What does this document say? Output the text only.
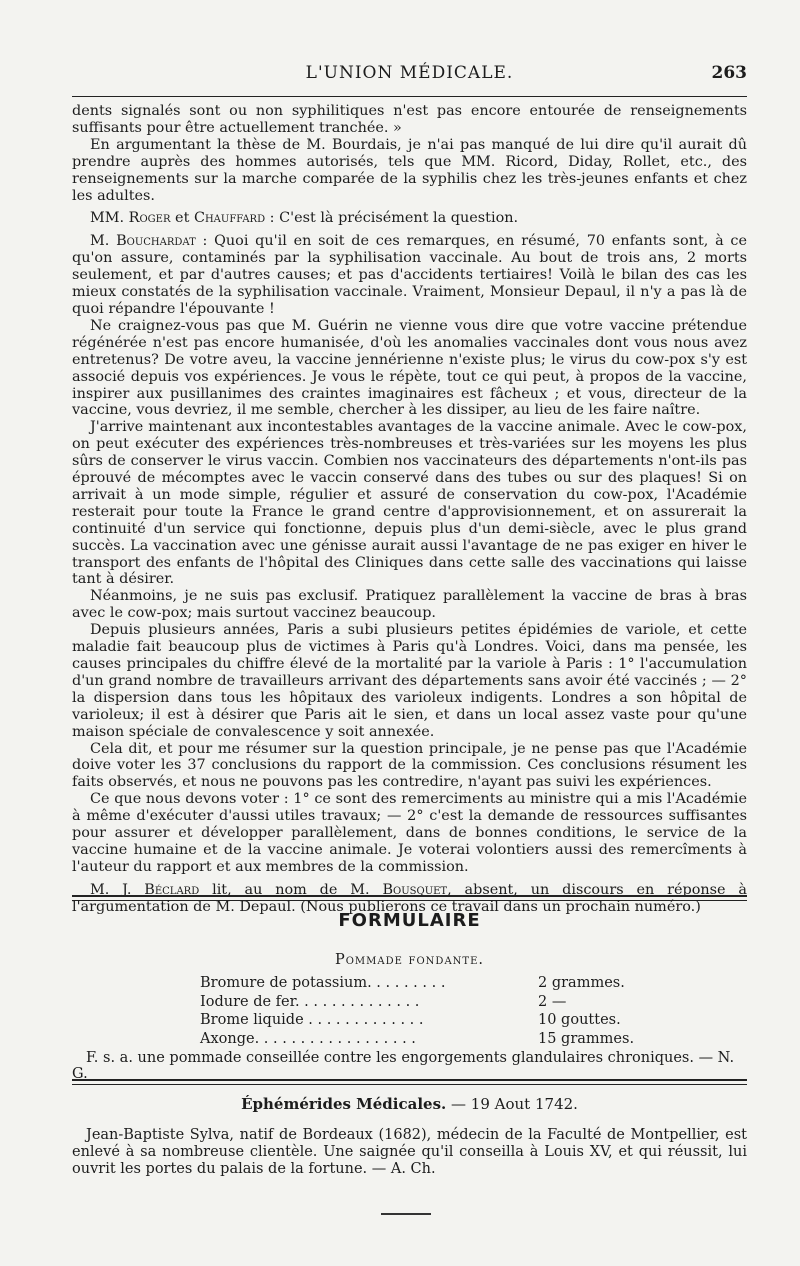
L'UNION MÉDICALE.	263

dents signalés sont ou non syphilitiques n'est pas encore entourée de renseignements suffisants pour être actuellement tranchée. »

En argumentant la thèse de M. Bourdais, je n'ai pas manqué de lui dire qu'il aurait dû prendre auprès des hommes autorisés, tels que MM. Ricord, Diday, Rollet, etc., des renseignements sur la marche comparée de la syphilis chez les très-jeunes enfants et chez les adultes.

MM. Roger et Chauffard : C'est là précisément la question.

M. Bouchardat : Quoi qu'il en soit de ces remarques, en résumé, 70 enfants sont, à ce qu'on assure, contaminés par la syphilisation vaccinale. Au bout de trois ans, 2 morts seulement, et par d'autres causes; et pas d'accidents tertiaires! Voilà le bilan des cas les mieux constatés de la syphilisation vaccinale. Vraiment, Monsieur Depaul, il n'y a pas là de quoi répandre l'épouvante !

Ne craignez-vous pas que M. Guérin ne vienne vous dire que votre vaccine prétendue régénérée n'est pas encore humanisée, d'où les anomalies vaccinales dont vous nous avez entretenus? De votre aveu, la vaccine jennérienne n'existe plus; le virus du cow-pox s'y est associé depuis vos expériences. Je vous le répète, tout ce qui peut, à propos de la vaccine, inspirer aux pusillanimes des craintes imaginaires est fâcheux ; et vous, directeur de la vaccine, vous devriez, il me semble, chercher à les dissiper, au lieu de les faire naître.

J'arrive maintenant aux incontestables avantages de la vaccine animale. Avec le cow-pox, on peut exécuter des expériences très-nombreuses et très-variées sur les moyens les plus sûrs de conserver le virus vaccin. Combien nos vaccinateurs des départements n'ont-ils pas éprouvé de mécomptes avec le vaccin conservé dans des tubes ou sur des plaques! Si on arrivait à un mode simple, régulier et assuré de conservation du cow-pox, l'Académie resterait pour toute la France le grand centre d'approvisionnement, et on assurerait la continuité d'un service qui fonctionne, depuis plus d'un demi-siècle, avec le plus grand succès. La vaccination avec une génisse aurait aussi l'avantage de ne pas exiger en hiver le transport des enfants de l'hôpital des Cliniques dans cette salle des vaccinations qui laisse tant à désirer.

Néanmoins, je ne suis pas exclusif. Pratiquez parallèlement la vaccine de bras à bras avec le cow-pox; mais surtout vaccinez beaucoup.

Depuis plusieurs années, Paris a subi plusieurs petites épidémies de variole, et cette maladie fait beaucoup plus de victimes à Paris qu'à Londres. Voici, dans ma pensée, les causes principales du chiffre élevé de la mortalité par la variole à Paris : 1° l'accumulation d'un grand nombre de travailleurs arrivant des départements sans avoir été vaccinés ; — 2° la dispersion dans tous les hôpitaux des varioleux indigents. Londres a son hôpital de varioleux; il est à désirer que Paris ait le sien, et dans un local assez vaste pour qu'une maison spéciale de convalescence y soit annexée.

Cela dit, et pour me résumer sur la question principale, je ne pense pas que l'Académie doive voter les 37 conclusions du rapport de la commission. Ces conclusions résument les faits observés, et nous ne pouvons pas les contredire, n'ayant pas suivi les expériences.

Ce que nous devons voter : 1° ce sont des remerciments au ministre qui a mis l'Académie à même d'exécuter d'aussi utiles travaux; — 2° c'est la demande de ressources suffisantes pour assurer et développer parallèlement, dans de bonnes conditions, le service de la vaccine humaine et de la vaccine animale. Je voterai volontiers aussi des remercîments à l'auteur du rapport et aux membres de la commission.

M. J. Béclard lit, au nom de M. Bousquet, absent, un discours en réponse à l'argumentation de M. Depaul. (Nous publierons ce travail dans un prochain numéro.)

FORMULAIRE
Pommade fondante.
Bromure de potassium. . . . . . . . .	2 grammes.
Iodure de fer. . . . . . . . . . . . . .	2 —
Brome liquide . . . . . . . . . . . . .	10 gouttes.
Axonge. . . . . . . . . . . . . . . . . .	15 grammes.
F. s. a. une pommade conseillée contre les engorgements glandulaires chroniques. — N. G.
Éphémérides Médicales. — 19 Aout 1742.
Jean-Baptiste Sylva, natif de Bordeaux (1682), médecin de la Faculté de Montpellier, est enlevé à sa nombreuse clientèle. Une saignée qu'il conseilla à Louis XV, et qui réussit, lui ouvrit les portes du palais de la fortune. — A. Ch.
